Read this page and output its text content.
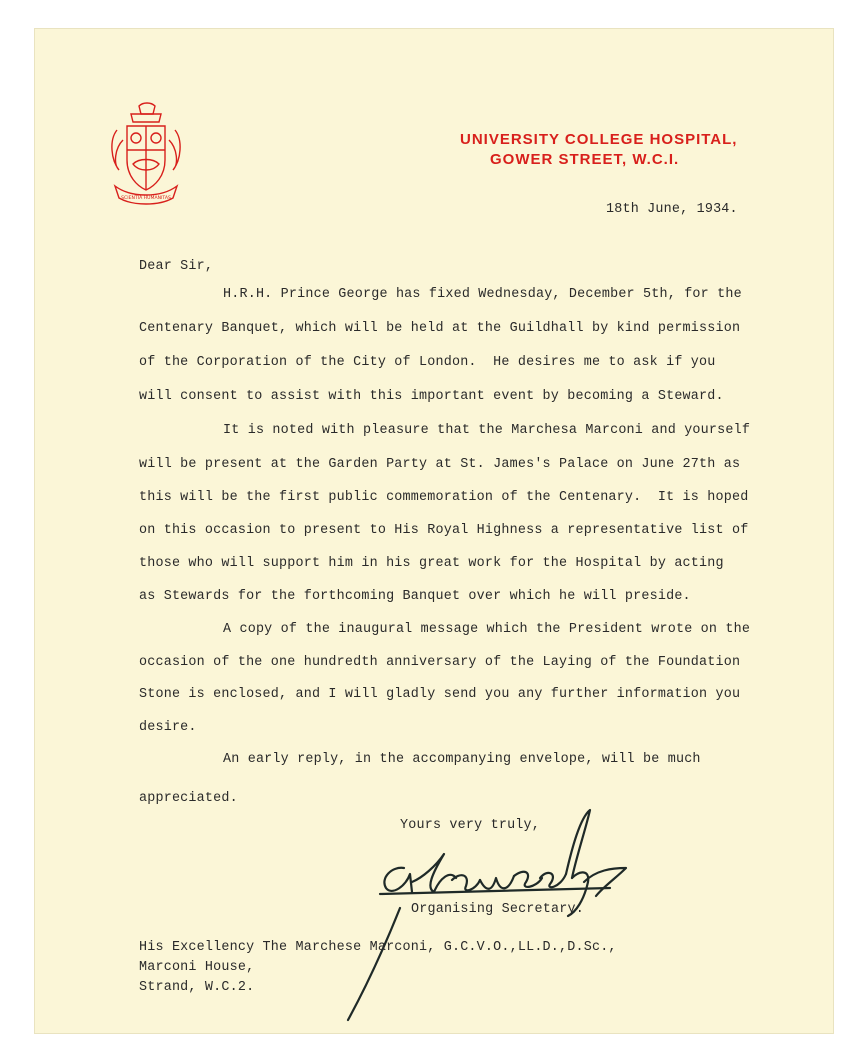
SCIENTIA HUMANITAS
UNIVERSITY COLLEGE HOSPITAL,
GOWER STREET, W.C.I.
18th June, 1934.
Dear Sir,
H.R.H. Prince George has fixed Wednesday, December 5th, for the
Centenary Banquet, which will be held at the Guildhall by kind permission
of the Corporation of the City of London.  He desires me to ask if you
will consent to assist with this important event by becoming a Steward.
It is noted with pleasure that the Marchesa Marconi and yourself
will be present at the Garden Party at St. James's Palace on June 27th as
this will be the first public commemoration of the Centenary.  It is hoped
on this occasion to present to His Royal Highness a representative list of
those who will support him in his great work for the Hospital by acting
as Stewards for the forthcoming Banquet over which he will preside.
A copy of the inaugural message which the President wrote on the
occasion of the one hundredth anniversary of the Laying of the Foundation
Stone is enclosed, and I will gladly send you any further information you
desire.
An early reply, in the accompanying envelope, will be much
appreciated.
Yours very truly,
Organising Secretary.
His Excellency The Marchese Marconi, G.C.V.O.,LL.D.,D.Sc.,
Marconi House,
Strand, W.C.2.
